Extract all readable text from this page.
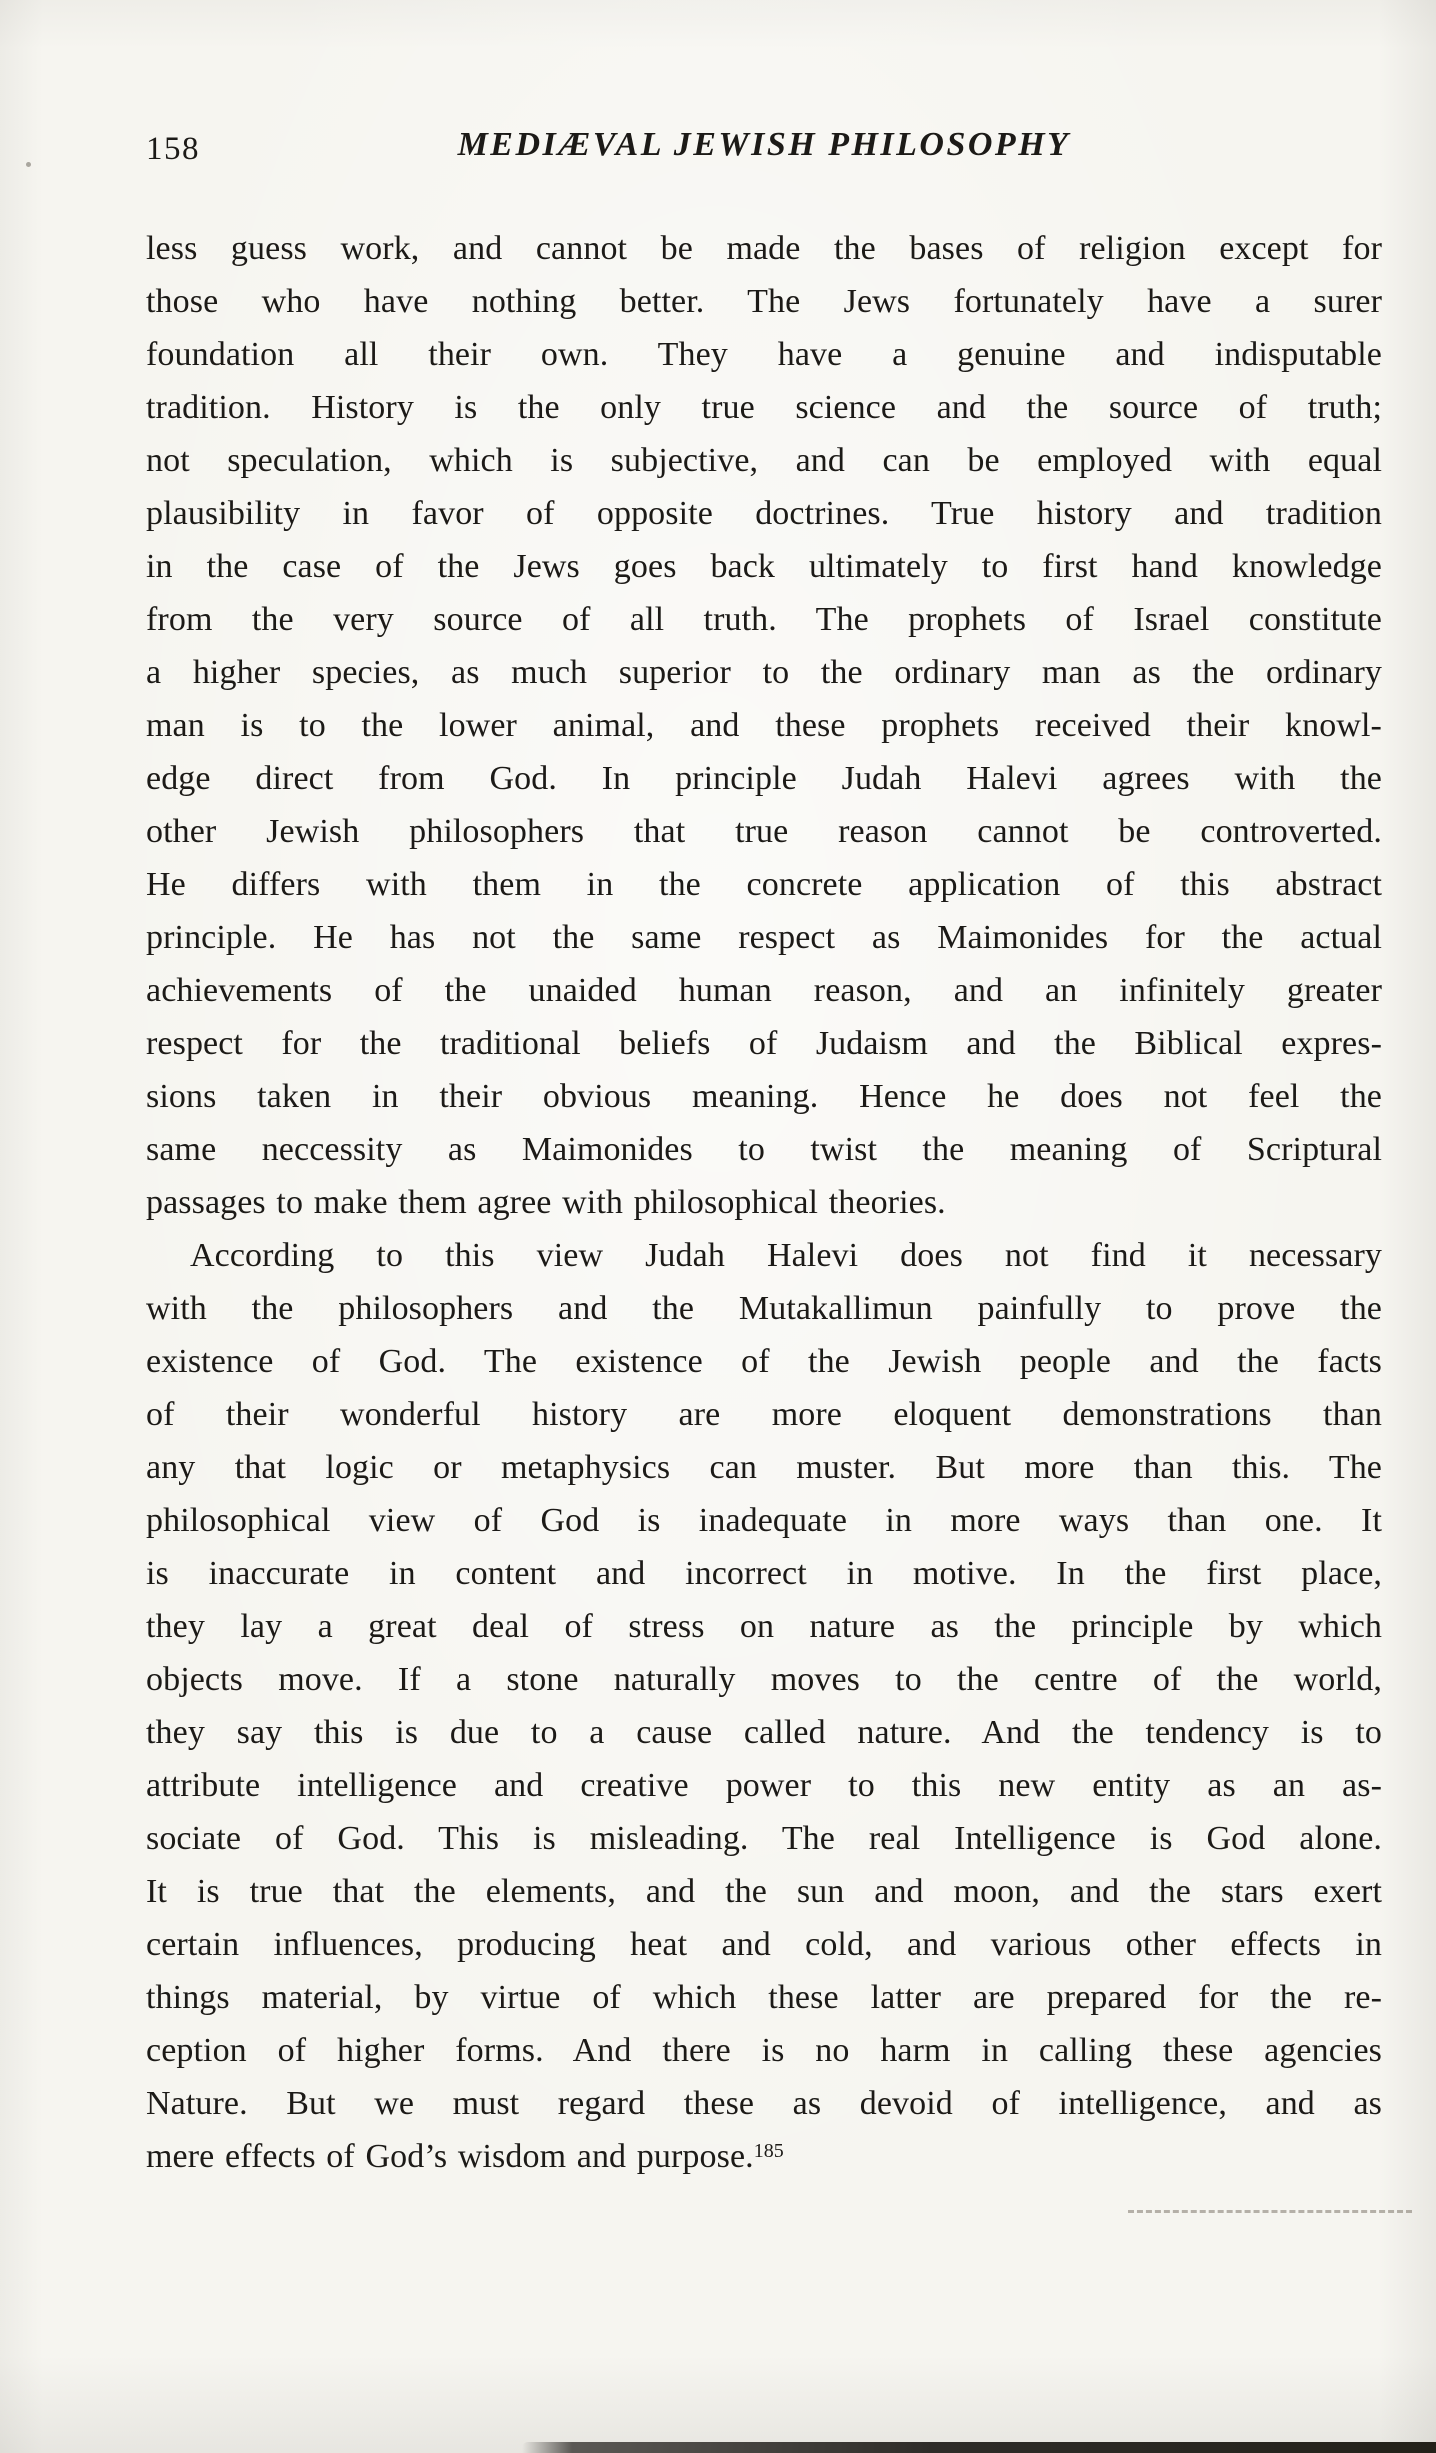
158	MEDIÆVAL JEWISH PHILOSOPHY
less guess work, and cannot be made the bases of religion except for
those who have nothing better. The Jews fortunately have a surer
foundation all their own. They have a genuine and indisputable
tradition. History is the only true science and the source of truth;
not speculation, which is subjective, and can be employed with equal
plausibility in favor of opposite doctrines. True history and tradition
in the case of the Jews goes back ultimately to first hand knowledge
from the very source of all truth. The prophets of Israel constitute
a higher species, as much superior to the ordinary man as the ordinary
man is to the lower animal, and these prophets received their knowl-
edge direct from God. In principle Judah Halevi agrees with the
other Jewish philosophers that true reason cannot be controverted.
He differs with them in the concrete application of this abstract
principle. He has not the same respect as Maimonides for the actual
achievements of the unaided human reason, and an infinitely greater
respect for the traditional beliefs of Judaism and the Biblical expres-
sions taken in their obvious meaning. Hence he does not feel the
same neccessity as Maimonides to twist the meaning of Scriptural
passages to make them agree with philosophical theories.
According to this view Judah Halevi does not find it necessary
with the philosophers and the Mutakallimun painfully to prove the
existence of God. The existence of the Jewish people and the facts
of their wonderful history are more eloquent demonstrations than
any that logic or metaphysics can muster. But more than this. The
philosophical view of God is inadequate in more ways than one. It
is inaccurate in content and incorrect in motive. In the first place,
they lay a great deal of stress on nature as the principle by which
objects move. If a stone naturally moves to the centre of the world,
they say this is due to a cause called nature. And the tendency is to
attribute intelligence and creative power to this new entity as an as-
sociate of God. This is misleading. The real Intelligence is God alone.
It is true that the elements, and the sun and moon, and the stars exert
certain influences, producing heat and cold, and various other effects in
things material, by virtue of which these latter are prepared for the re-
ception of higher forms. And there is no harm in calling these agencies
Nature. But we must regard these as devoid of intelligence, and as
mere effects of God’s wisdom and purpose.$^{185}$
